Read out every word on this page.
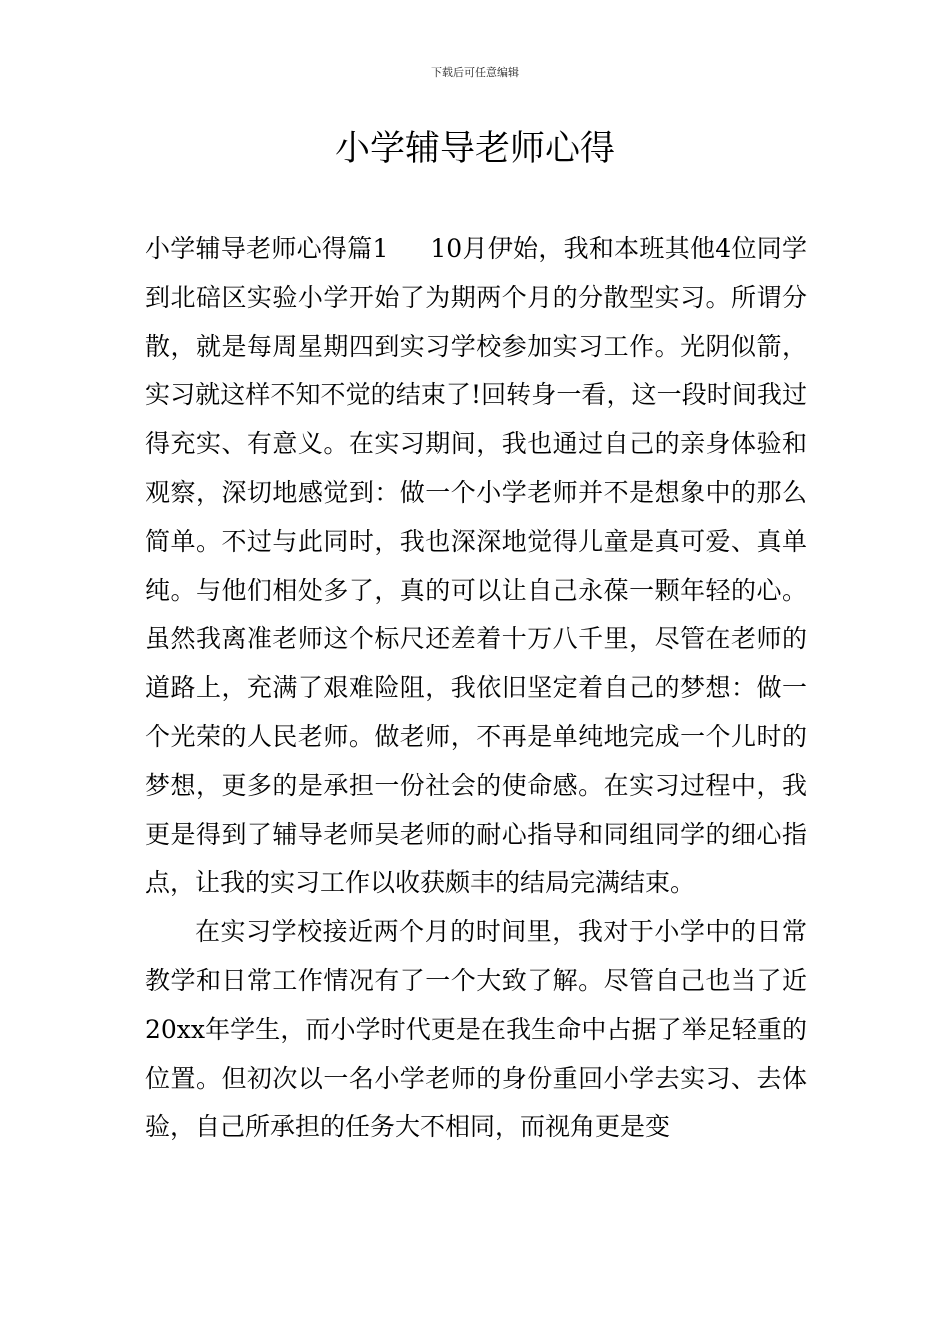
下载后可任意编辑
小学辅导老师心得

小学辅导老师心得篇1 10月伊始，我和本班其他4位同学到北碚区实验小学开始了为期两个月的分散型实习。所谓分散，就是每周星期四到实习学校参加实习工作。光阴似箭，实习就这样不知不觉的结束了!回转身一看，这一段时间我过得充实、有意义。在实习期间，我也通过自己的亲身体验和观察，深切地感觉到：做一个小学老师并不是想象中的那么简单。不过与此同时，我也深深地觉得儿童是真可爱、真单纯。与他们相处多了，真的可以让自己永葆一颗年轻的心。虽然我离准老师这个标尺还差着十万八千里，尽管在老师的道路上，充满了艰难险阻，我依旧坚定着自己的梦想：做一个光荣的人民老师。做老师，不再是单纯地完成一个儿时的梦想，更多的是承担一份社会的使命感。在实习过程中，我更是得到了辅导老师吴老师的耐心指导和同组同学的细心指点，让我的实习工作以收获颇丰的结局完满结束。

在实习学校接近两个月的时间里，我对于小学中的日常教学和日常工作情况有了一个大致了解。尽管自己也当了近20xx年学生，而小学时代更是在我生命中占据了举足轻重的位置。但初次以一名小学老师的身份重回小学去实习、去体验，自己所承担的任务大不相同，而视角更是变
